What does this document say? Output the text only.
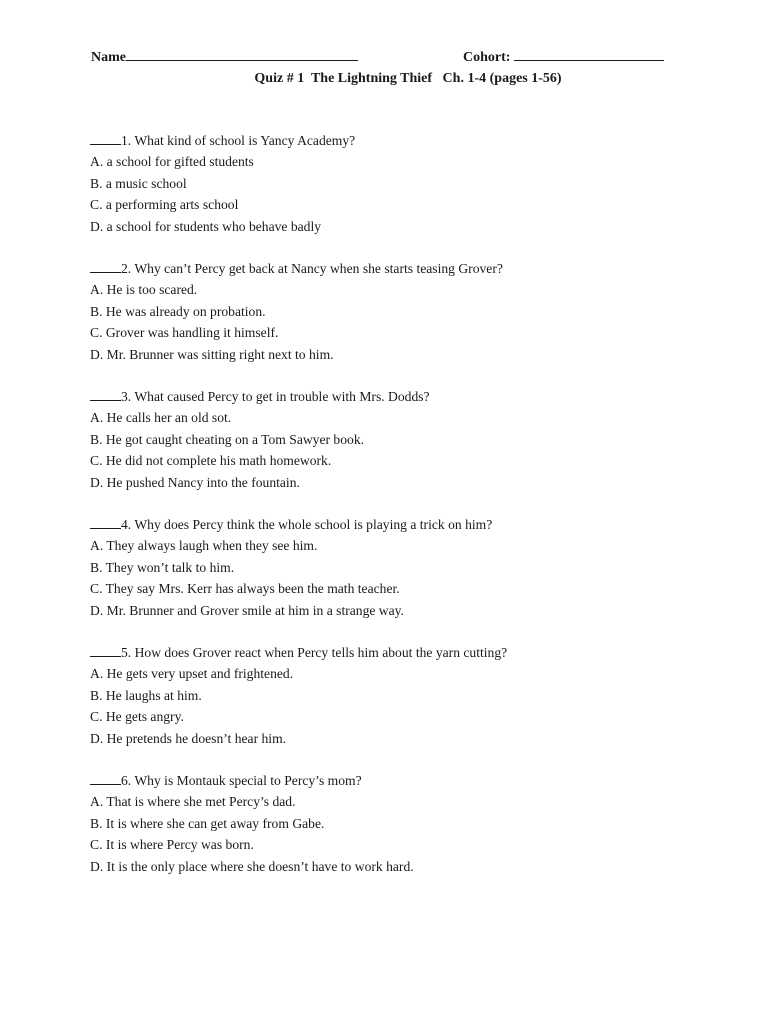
Name	Cohort:
Quiz # 1  The Lightning Thief   Ch. 1-4 (pages 1-56)
1. What kind of school is Yancy Academy?
A. a school for gifted students
B. a music school
C. a performing arts school
D. a school for students who behave badly
2. Why can’t Percy get back at Nancy when she starts teasing Grover?
A. He is too scared.
B. He was already on probation.
C. Grover was handling it himself.
D. Mr. Brunner was sitting right next to him.
3. What caused Percy to get in trouble with Mrs. Dodds?
A. He calls her an old sot.
B. He got caught cheating on a Tom Sawyer book.
C. He did not complete his math homework.
D. He pushed Nancy into the fountain.
4. Why does Percy think the whole school is playing a trick on him?
A. They always laugh when they see him.
B. They won’t talk to him.
C. They say Mrs. Kerr has always been the math teacher.
D. Mr. Brunner and Grover smile at him in a strange way.
5. How does Grover react when Percy tells him about the yarn cutting?
A. He gets very upset and frightened.
B. He laughs at him.
C. He gets angry.
D. He pretends he doesn’t hear him.
6. Why is Montauk special to Percy’s mom?
A. That is where she met Percy’s dad.
B. It is where she can get away from Gabe.
C. It is where Percy was born.
D. It is the only place where she doesn’t have to work hard.
